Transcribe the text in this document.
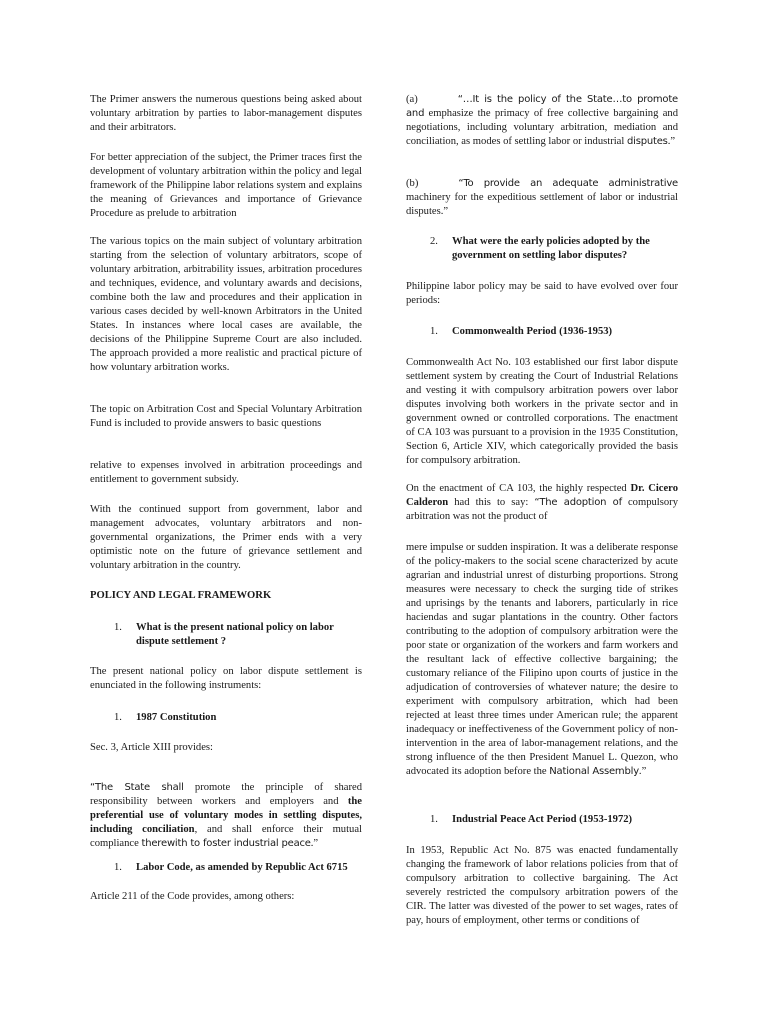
The Primer answers the numerous questions being asked about voluntary arbitration by parties to labor-management disputes and their arbitrators.

For better appreciation of the subject, the Primer traces first the development of voluntary arbitration within the policy and legal framework of the Philippine labor relations system and explains the meaning of Grievances and importance of Grievance Procedure as prelude to arbitration

The various topics on the main subject of voluntary arbitration starting from the selection of voluntary arbitrators, scope of voluntary arbitration, arbitrability issues, arbitration procedures and techniques, evidence, and voluntary awards and decisions, combine both the law and procedures and their application in various cases decided by well-known Arbitrators in the United States. In instances where local cases are available, the decisions of the Philippine Supreme Court are also included. The approach provided a more realistic and practical picture of how voluntary arbitration works.

The topic on Arbitration Cost and Special Voluntary Arbitration Fund is included to provide answers to basic questions

relative to expenses involved in arbitration proceedings and entitlement to government subsidy.

With the continued support from government, labor and management advocates, voluntary arbitrators and non-governmental organizations, the Primer ends with a very optimistic note on the future of grievance settlement and voluntary arbitration in the country.

POLICY AND LEGAL FRAMEWORK

1.	What is the present national policy on labor dispute settlement ?

The present national policy on labor dispute settlement is enunciated in the following instruments:

1.	1987 Constitution

Sec. 3, Article XIII provides:

“The State shall promote the principle of shared responsibility between workers and employers and the preferential use of voluntary modes in settling disputes, including conciliation, and shall enforce their mutual compliance therewith to foster industrial peace.”

1.	Labor Code, as amended by Republic Act 6715

Article 211 of the Code provides, among others:

(a)	“…It is the policy of the State…to promote and emphasize the primacy of free collective bargaining and negotiations, including voluntary arbitration, mediation and conciliation, as modes of settling labor or industrial disputes.”

(b)	“To provide an adequate administrative machinery for the expeditious settlement of labor or industrial disputes.”

2.	What were the early policies adopted by the government on settling labor disputes?

Philippine labor policy may be said to have evolved over four periods:

1.	Commonwealth Period (1936-1953)

Commonwealth Act No. 103 established our first labor dispute settlement system by creating the Court of Industrial Relations and vesting it with compulsory arbitration powers over labor disputes involving both workers in the private sector and in government owned or controlled corporations. The enactment of CA 103 was pursuant to a provision in the 1935 Constitution, Section 6, Article XIV, which categorically provided the basis for compulsory arbitration.

On the enactment of CA 103, the highly respected Dr. Cicero Calderon had this to say: “The adoption of compulsory arbitration was not the product of

mere impulse or sudden inspiration. It was a deliberate response of the policy-makers to the social scene characterized by acute agrarian and industrial unrest of disturbing proportions. Strong measures were necessary to check the surging tide of strikes and uprisings by the tenants and laborers, particularly in rice haciendas and sugar plantations in the country. Other factors contributing to the adoption of compulsory arbitration were the poor state or organization of the workers and farm workers and the resultant lack of effective collective bargaining; the customary reliance of the Filipino upon courts of justice in the adjudication of controversies of whatever nature; the desire to experiment with compulsory arbitration, which had been rejected at least three times under American rule; the apparent inadequacy or ineffectiveness of the Government policy of non-intervention in the area of labor-management relations, and the strong influence of the then President Manuel L. Quezon, who advocated its adoption before the National Assembly.”

1.	Industrial Peace Act Period (1953-1972)

In 1953, Republic Act No. 875 was enacted fundamentally changing the framework of labor relations policies from that of compulsory arbitration to collective bargaining. The Act severely restricted the compulsory arbitration powers of the CIR. The latter was divested of the power to set wages, rates of pay, hours of employment, other terms or conditions of
